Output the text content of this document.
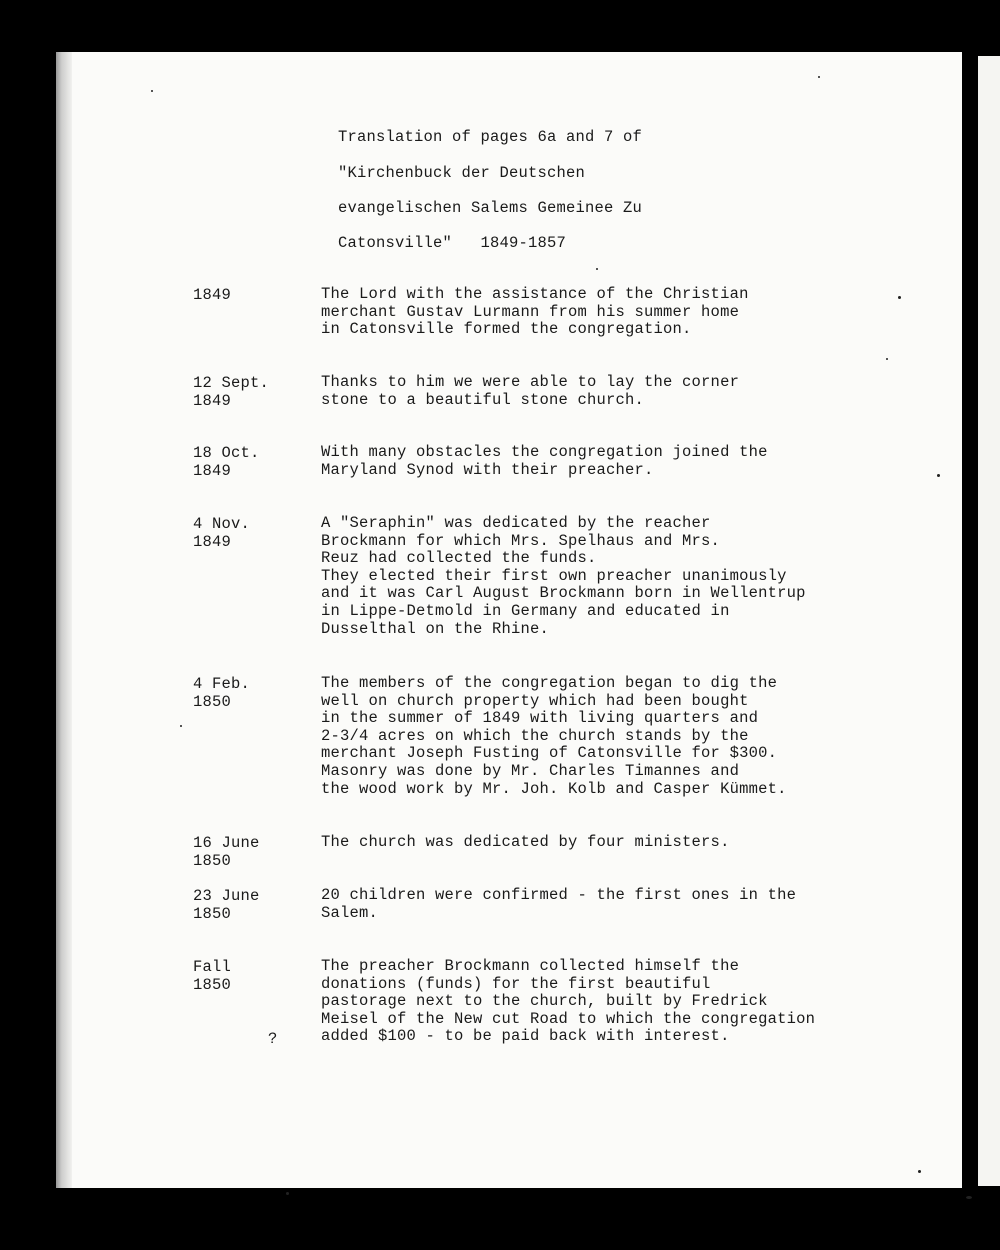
Translation of pages 6a and 7 of
"Kirchenbuck der Deutschen
evangelischen Salems Gemeinee Zu
Catonsville"   1849-1857
1849	The Lord with the assistance of the Christian
merchant Gustav Lurmann from his summer home
in Catonsville formed the congregation.
12 Sept.
1849
Thanks to him we were able to lay the corner
stone to a beautiful stone church.
18 Oct.
1849
With many obstacles the congregation joined the
Maryland Synod with their preacher.
4 Nov.
1849
A "Seraphin" was dedicated by the reacher
Brockmann for which Mrs. Spelhaus and Mrs.
Reuz had collected the funds.
They elected their first own preacher unanimously
and it was Carl August Brockmann born in Wellentrup
in Lippe-Detmold in Germany and educated in
Dusselthal on the Rhine.
4 Feb.
1850
The members of the congregation began to dig the
well on church property which had been bought
in the summer of 1849 with living quarters and
2-3/4 acres on which the church stands by the
merchant Joseph Fusting of Catonsville for $300.
Masonry was done by Mr. Charles Timannes and
the wood work by Mr. Joh. Kolb and Casper Kümmet.
16 June
1850
The church was dedicated by four ministers.
23 June
1850
20 children were confirmed - the first ones in the
Salem.
Fall
1850
The preacher Brockmann collected himself the
donations (funds) for the first beautiful
pastorage next to the church, built by Fredrick
Meisel of the New cut Road to which the congregation
added $100 - to be paid back with interest.
?
